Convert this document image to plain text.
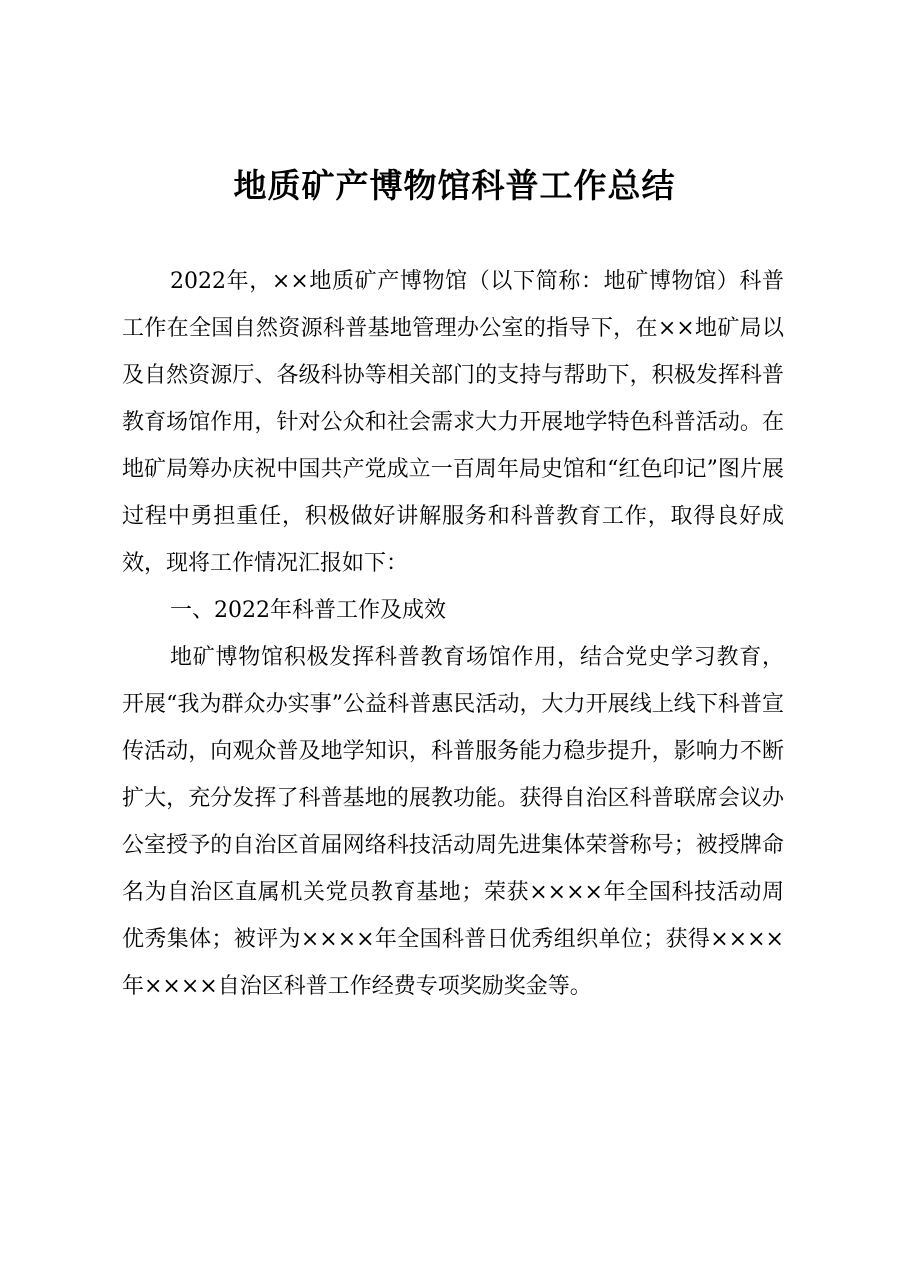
地质矿产博物馆科普工作总结

2022年，××地质矿产博物馆（以下简称：地矿博物馆）科普工作在全国自然资源科普基地管理办公室的指导下，在××地矿局以及自然资源厅、各级科协等相关部门的支持与帮助下，积极发挥科普教育场馆作用，针对公众和社会需求大力开展地学特色科普活动。在地矿局筹办庆祝中国共产党成立一百周年局史馆和“红色印记”图片展过程中勇担重任，积极做好讲解服务和科普教育工作，取得良好成效，现将工作情况汇报如下：

一、2022年科普工作及成效

地矿博物馆积极发挥科普教育场馆作用，结合党史学习教育，开展“我为群众办实事”公益科普惠民活动，大力开展线上线下科普宣传活动，向观众普及地学知识，科普服务能力稳步提升，影响力不断扩大，充分发挥了科普基地的展教功能。获得自治区科普联席会议办公室授予的自治区首届网络科技活动周先进集体荣誉称号；被授牌命名为自治区直属机关党员教育基地；荣获××××年全国科技活动周优秀集体；被评为××××年全国科普日优秀组织单位；获得××××年××××自治区科普工作经费专项奖励奖金等。
